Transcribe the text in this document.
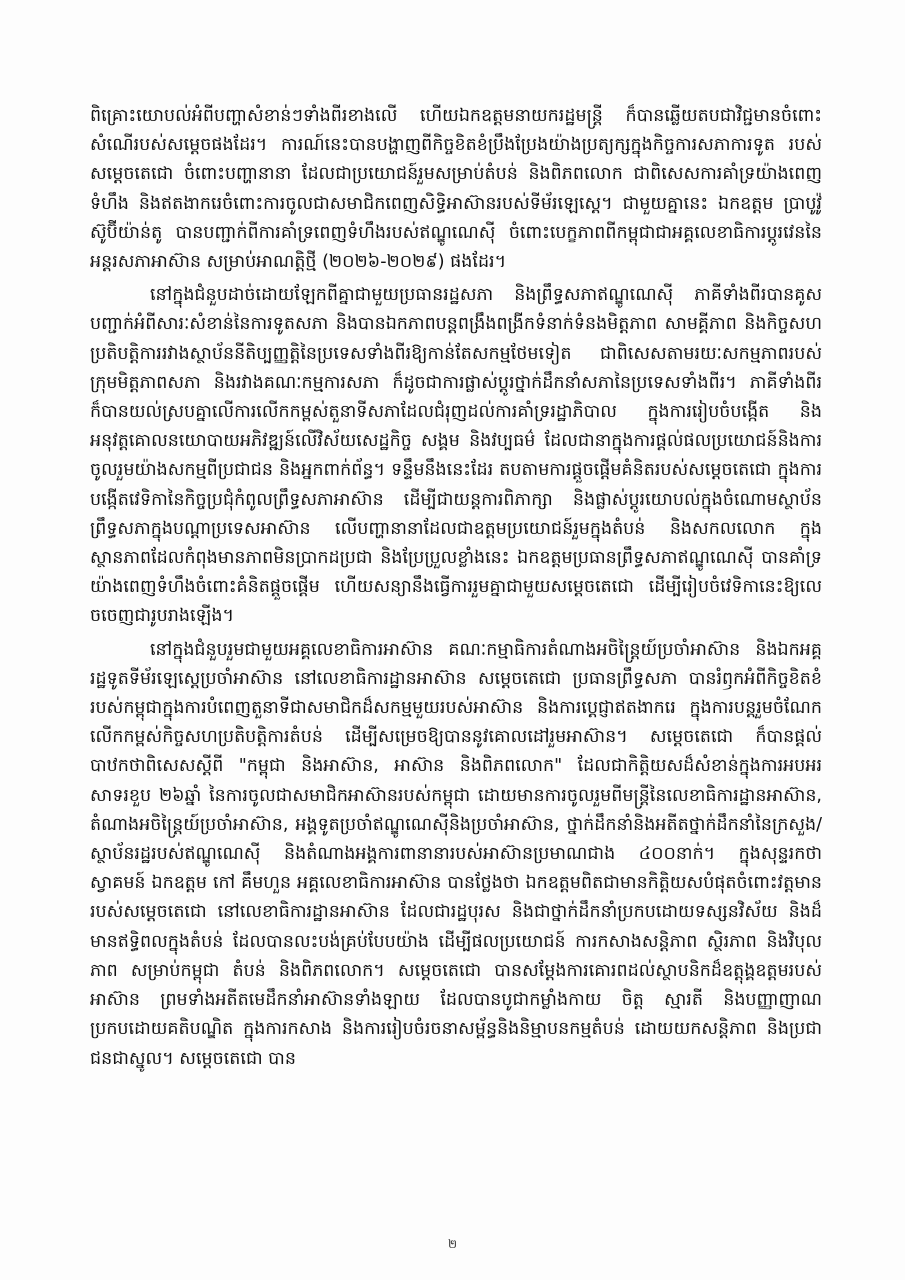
ពិគ្រោះយោបល់អំពីបញ្ហាសំខាន់ៗទាំងពីរខាងលើ ហើយឯកឧត្តមនាយករដ្ឋមន្ត្រី ក៏បានឆ្លើយតបជាវិជ្ជមានចំពោះសំណើរបស់សម្តេចផងដែរ។ ការណ៍នេះបានបង្ហាញពីកិច្ចខិតខំប្រឹងប្រែងយ៉ាងប្រត្យក្សក្នុងកិច្ចការសភាការទូត របស់សម្តេចតេជោ ចំពោះបញ្ហានានា ដែលជាប្រយោជន៍រួមសម្រាប់តំបន់ និងពិភពលោក ជាពិសេសការគាំទ្រយ៉ាងពេញទំហឹង និងឥតងាករេចំពោះការចូលជាសមាជិកពេញសិទ្ធិអាស៊ានរបស់ទីម័រឡេស្តេ។ ជាមួយគ្នានេះ ឯកឧត្តម ប្រាបូវ៉ូ ស៊ូប៊ីយ៉ាន់តូ បានបញ្ជាក់ពីការគាំទ្រពេញទំហឹងរបស់ឥណ្ឌូណេស៊ី ចំពោះបេក្ខភាពពីកម្ពុជាជាអគ្គលេខាធិការប្តូរវេននៃអន្តរសភាអាស៊ាន សម្រាប់អាណត្តិថ្មី (២០២៦-២០២៩) ផងដែរ។

នៅក្នុងជំនួបដាច់ដោយឡែកពីគ្នាជាមួយប្រធានរដ្ឋសភា និងព្រឹទ្ធសភាឥណ្ឌូណេស៊ី ភាគីទាំងពីរបានគូសបញ្ជាក់អំពីសារៈសំខាន់នៃការទូតសភា និងបានឯកភាពបន្តពង្រឹងពង្រីកទំនាក់ទំនងមិត្តភាព សាមគ្គីភាព និងកិច្ចសហប្រតិបត្តិការរវាងស្ថាប័ននីតិប្បញ្ញត្តិនៃប្រទេសទាំងពីរឱ្យកាន់តែសកម្មថែមទៀត ជាពិសេសតាមរយៈសកម្មភាពរបស់ក្រុមមិត្តភាពសភា និងរវាងគណៈកម្មការសភា ក៏ដូចជាការផ្លាស់ប្តូរថ្នាក់ដឹកនាំសភានៃប្រទេសទាំងពីរ។ ភាគីទាំងពីរក៏បានយល់ស្របគ្នាលើការលើកកម្ពស់តួនាទីសភាដែលជំរុញដល់ការគាំទ្ររដ្ឋាភិបាល ក្នុងការរៀបចំបង្កើត និងអនុវត្តគោលនយោបាយអភិវឌ្ឍន៍លើវិស័យសេដ្ឋកិច្ច សង្គម និងវប្បធម៌ ដែលជានាក្នុងការផ្តល់ផលប្រយោជន៍និងការចូលរួមយ៉ាងសកម្មពីប្រជាជន និងអ្នកពាក់ព័ន្ធ។ ទន្ទឹមនឹងនេះដែរ តបតាមការផ្តួចផ្តើមគំនិតរបស់សម្តេចតេជោ ក្នុងការបង្កើតវេទិកានៃកិច្ចប្រជុំកំពូលព្រឹទ្ធសភាអាស៊ាន ដើម្បីជាយន្តការពិភាក្សា និងផ្លាស់ប្តូរយោបល់ក្នុងចំណោមស្ថាប័នព្រឹទ្ធសភាក្នុងបណ្តាប្រទេសអាស៊ាន លើបញ្ហានានាដែលជាឧត្តមប្រយោជន៍រួមក្នុងតំបន់ និងសកលលោក ក្នុងស្ថានភាពដែលកំពុងមានភាពមិនប្រាកដប្រជា និងប្រែប្រួលខ្លាំងនេះ ឯកឧត្តមប្រធានព្រឹទ្ធសភាឥណ្ឌូណេស៊ី បានគាំទ្រយ៉ាងពេញទំហឹងចំពោះគំនិតផ្តួចផ្តើម ហើយសន្យានឹងធ្វើការរួមគ្នាជាមួយសម្តេចតេជោ ដើម្បីរៀបចំវេទិកានេះឱ្យលេចចេញជារូបរាងឡើង។

នៅក្នុងជំនួបរួមជាមួយអគ្គលេខាធិការអាស៊ាន គណៈកម្មាធិការតំណាងអចិន្ត្រៃយ៍ប្រចាំអាស៊ាន និងឯកអគ្គរដ្ឋទូតទីម័រឡេស្តេប្រចាំអាស៊ាន នៅលេខាធិការដ្ឋានអាស៊ាន សម្តេចតេជោ ប្រធានព្រឹទ្ធសភា បានរំឭកអំពីកិច្ចខិតខំរបស់កម្ពុជាក្នុងការបំពេញតួនាទីជាសមាជិកដ៏សកម្មមួយរបស់អាស៊ាន និងការប្តេជ្ញាឥតងាករេ ក្នុងការបន្តរួមចំណែកលើកកម្ពស់កិច្ចសហប្រតិបត្តិការតំបន់ ដើម្បីសម្រេចឱ្យបាននូវគោលដៅរួមអាស៊ាន។ សម្តេចតេជោ ក៏បានផ្តល់បាឋកថាពិសេសស្តីពី "កម្ពុជា និងអាស៊ាន, អាស៊ាន និងពិភពលោក" ដែលជាកិត្តិយសដ៏សំខាន់ក្នុងការអបអរសាទរខួប ២៦ឆ្នាំ នៃការចូលជាសមាជិកអាស៊ានរបស់កម្ពុជា ដោយមានការចូលរួមពីមន្ត្រីនៃលេខាធិការដ្ឋានអាស៊ាន, តំណាងអចិន្ត្រៃយ៍ប្រចាំអាស៊ាន, អង្គទូតប្រចាំឥណ្ឌូណេស៊ីនិងប្រចាំអាស៊ាន, ថ្នាក់ដឹកនាំនិងអតីតថ្នាក់ដឹកនាំនៃក្រសួង/ស្ថាប័នរដ្ឋរបស់ឥណ្ឌូណេស៊ី និងតំណាងអង្គការពានានារបស់អាស៊ានប្រមាណជាង ៤០០នាក់។ ក្នុងសុន្ទរកថាស្វាគមន៍ ឯកឧត្តម កៅ គឹមហួន អគ្គលេខាធិការអាស៊ាន បានថ្លែងថា ឯកឧត្តមពិតជាមានកិត្តិយសបំផុតចំពោះវត្តមានរបស់សម្តេចតេជោ នៅលេខាធិការដ្ឋានអាស៊ាន ដែលជារដ្ឋបុរស និងជាថ្នាក់ដឹកនាំប្រកបដោយទស្សនវិស័យ និងដ៏មានឥទ្ធិពលក្នុងតំបន់ ដែលបានលះបង់គ្រប់បែបយ៉ាង ដើម្បីផលប្រយោជន៍ ការកសាងសន្តិភាព ស្ថិរភាព និងវិបុលភាព សម្រាប់កម្ពុជា តំបន់ និងពិភពលោក។ សម្តេចតេជោ បានសម្តែងការគោរពដល់ស្ថាបនិកដ៏ឧត្តុង្គឧត្តមរបស់អាស៊ាន ព្រមទាំងអតីតមេដឹកនាំអាស៊ានទាំងឡាយ ដែលបានបូជាកម្លាំងកាយ ចិត្ត ស្មារតី និងបញ្ញាញាណប្រកបដោយគតិបណ្ឌិត ក្នុងការកសាង និងការរៀបចំរចនាសម្ព័ន្ធនិងនិម្មាបនកម្មតំបន់ ដោយយកសន្តិភាព និងប្រជាជនជាស្នូល។ សម្តេចតេជោ បាន

២
